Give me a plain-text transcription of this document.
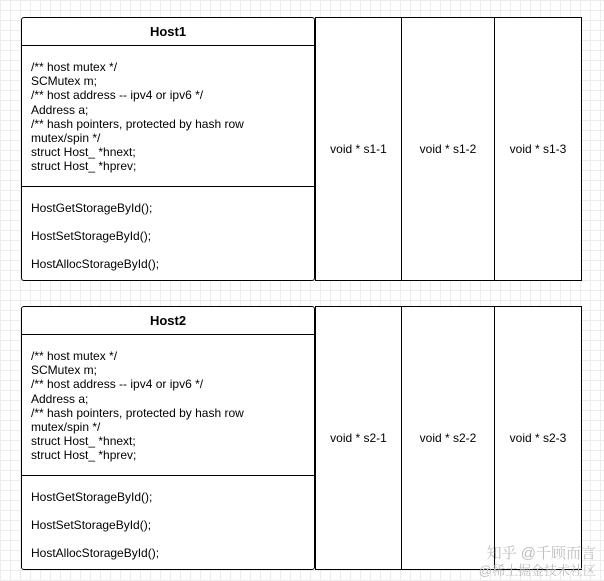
Host1
/** host mutex */
SCMutex m;
/** host address -- ipv4 or ipv6 */
Address a;
/** hash pointers, protected by hash row
mutex/spin */
struct Host_ *hnext;
struct Host_ *hprev;
HostGetStorageById();
HostSetStorageById();
HostAllocStorageById();
void * s1-1	void * s1-2	void * s1-3
Host2
/** host mutex */
SCMutex m;
/** host address -- ipv4 or ipv6 */
Address a;
/** hash pointers, protected by hash row
mutex/spin */
struct Host_ *hnext;
struct Host_ *hprev;
HostGetStorageById();
HostSetStorageById();
HostAllocStorageById();
void * s2-1	void * s2-2	void * s2-3
知乎 @千顾而言
@稀土掘金技术社区
